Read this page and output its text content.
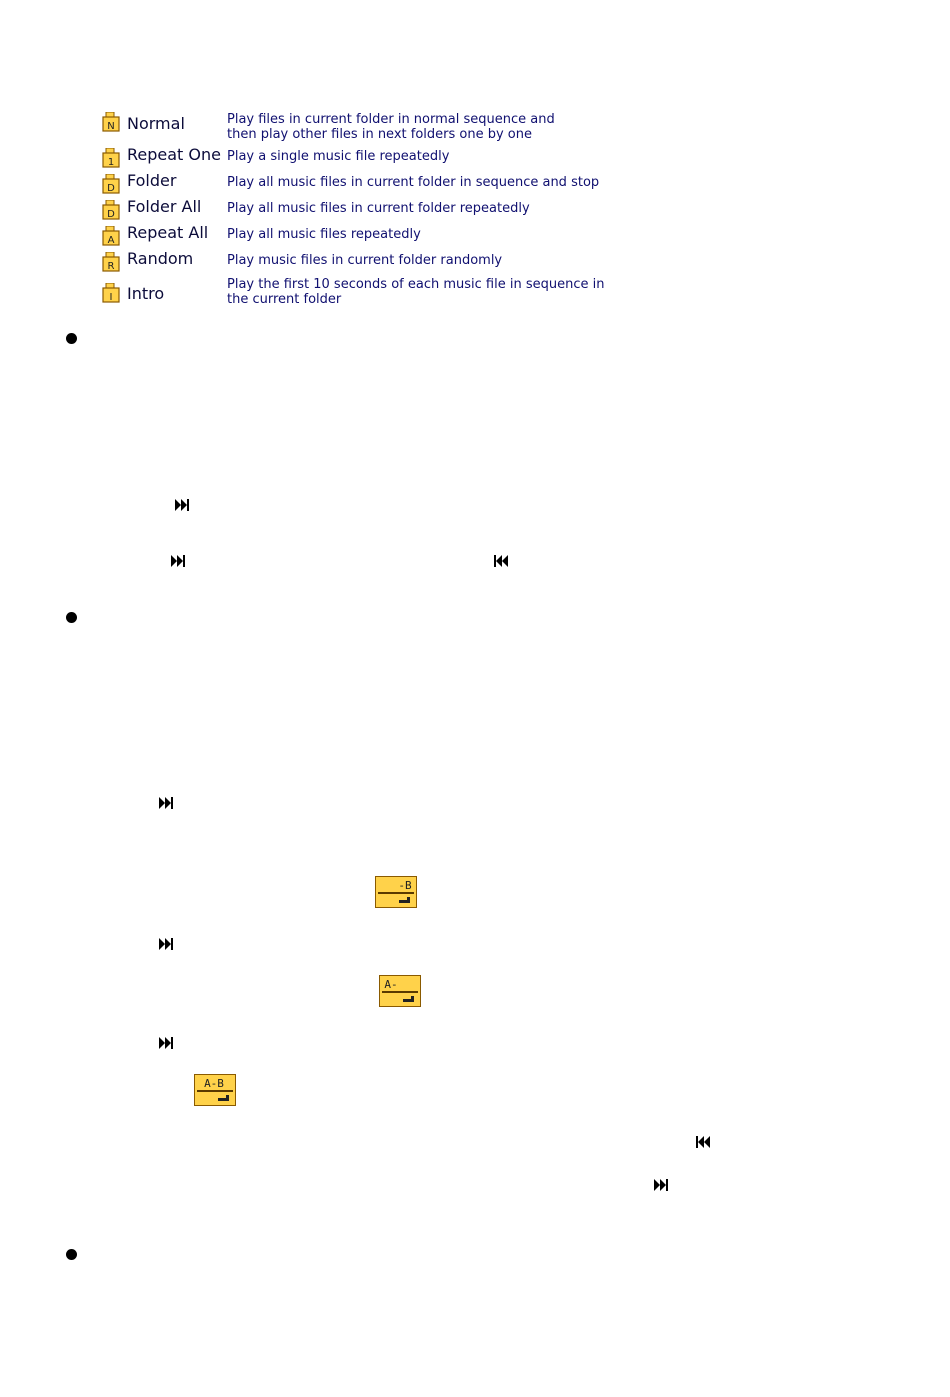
N Normal	Play files in current folder in normal sequence and
then play other files in next folders one by one
1 Repeat One Play a single music file repeatedly
D Folder	Play all music files in current folder in sequence and stop
D Folder All Play all music files in current folder repeatedly
A Repeat All Play all music files repeatedly
R Random	Play music files in current folder randomly
I Intro	Play the first 10 seconds of each music file in sequence in
the current folder
-B
A-
A-B
